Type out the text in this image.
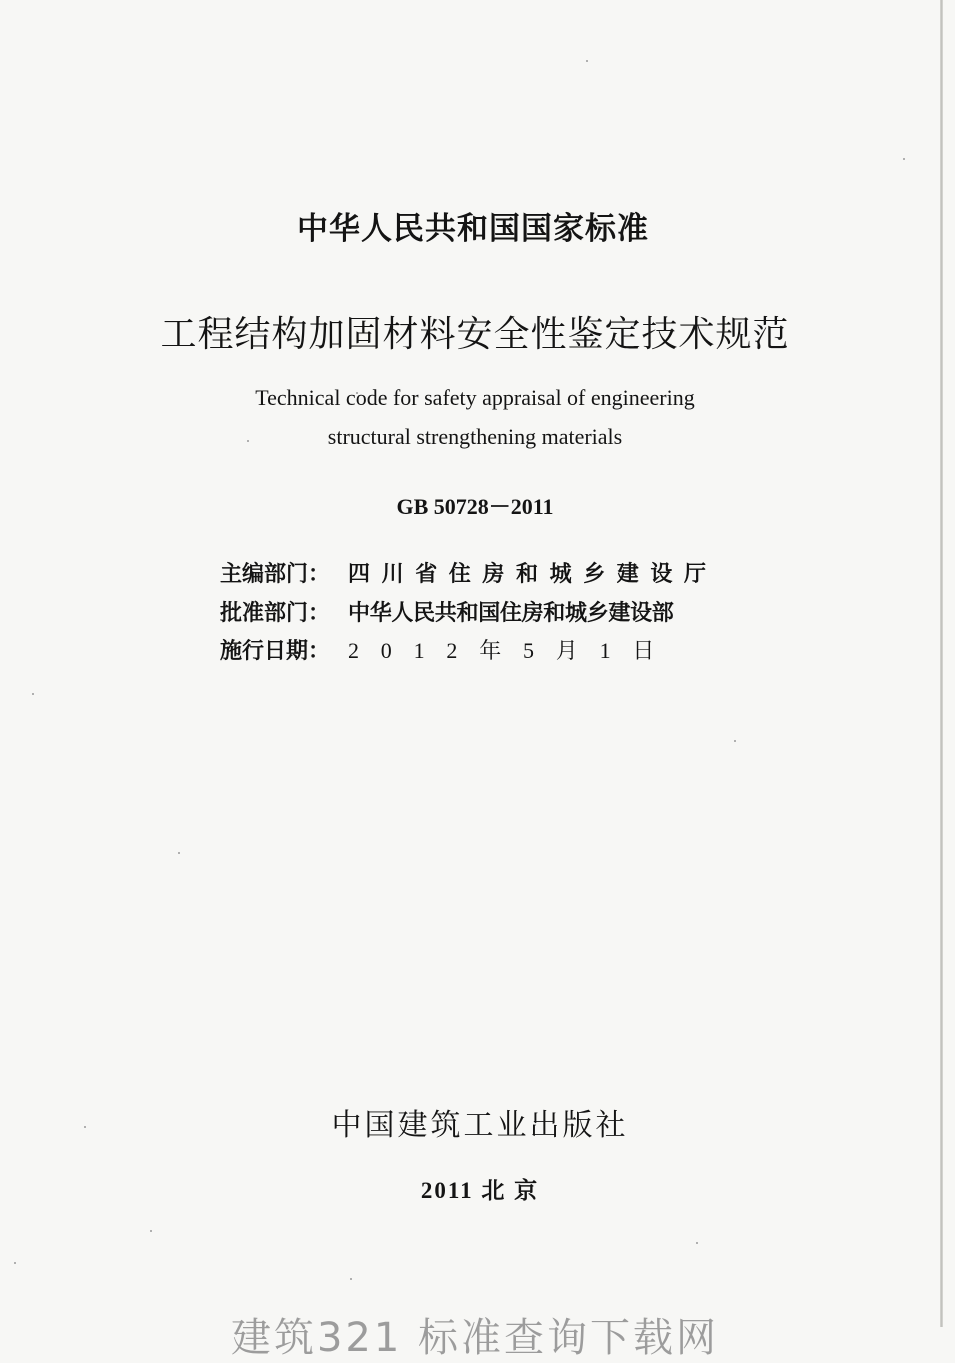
中华人民共和国国家标准
工程结构加固材料安全性鉴定技术规范
Technical code for safety appraisal of engineering
structural strengthening materials
GB 50728－2011
主编部门： 四川省住房和城乡建设厅
批准部门： 中华人民共和国住房和城乡建设部
施行日期： 2012年5月1日
中国建筑工业出版社
2011 北 京
建筑321 标准查询下载网
